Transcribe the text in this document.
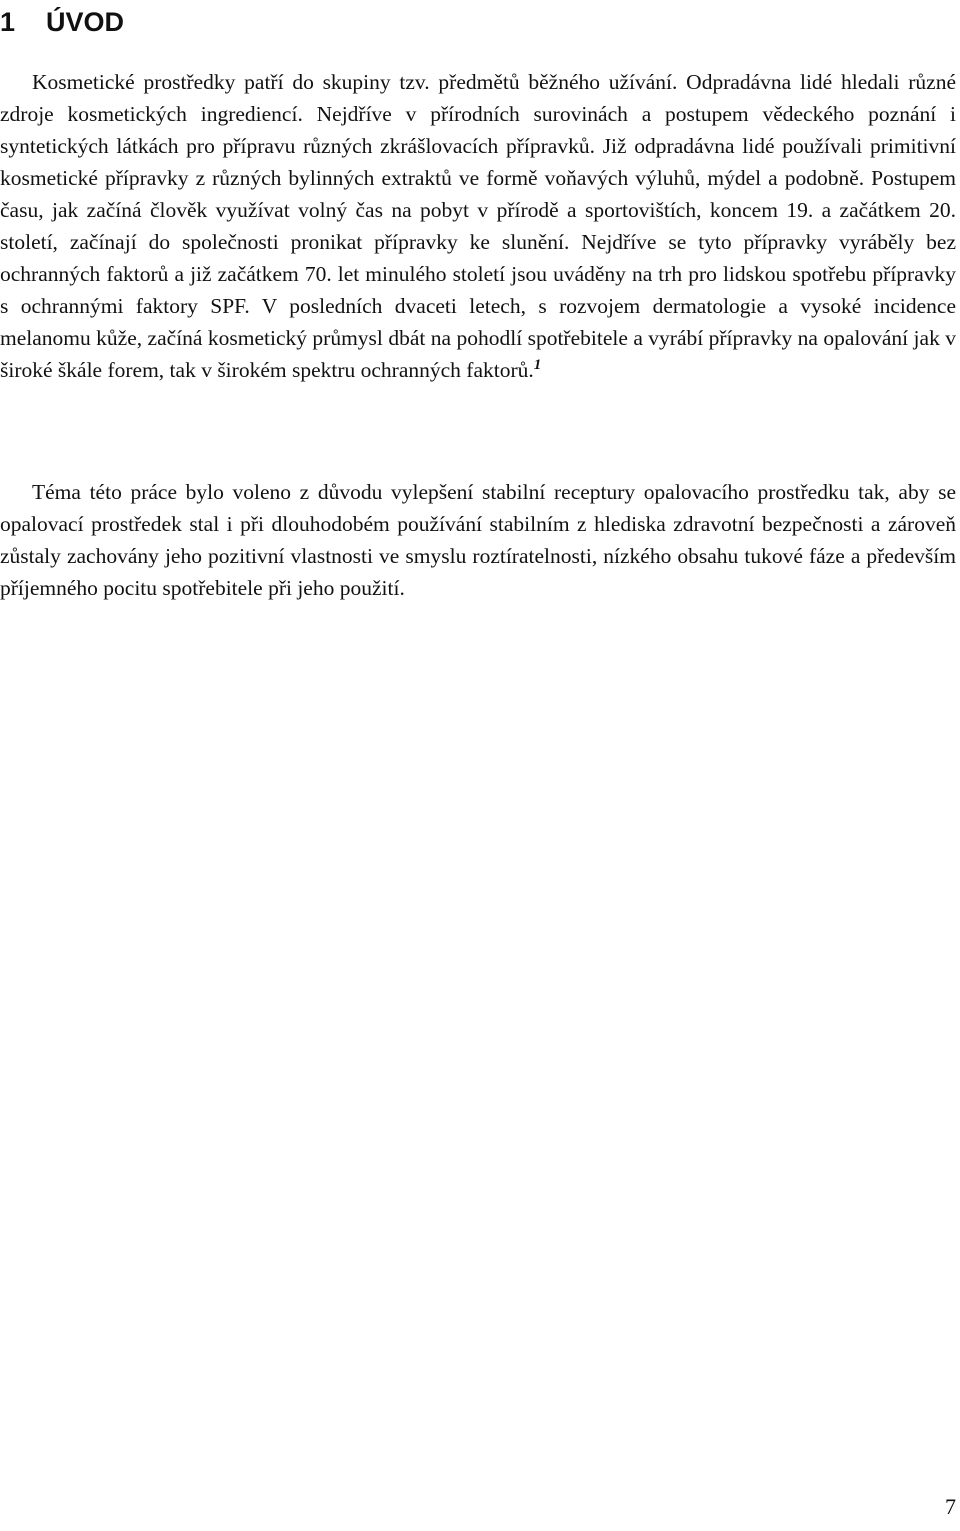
1 ÚVOD

Kosmetické prostředky patří do skupiny tzv. předmětů běžného užívání. Odpradávna lidé hledali různé zdroje kosmetických ingrediencí. Nejdříve v přírodních surovinách a postupem vědeckého poznání i syntetických látkách pro přípravu různých zkrášlovacích přípravků. Již odpradávna lidé používali primitivní kosmetické přípravky z různých bylinných extraktů ve formě voňavých výluhů, mýdel a podobně. Postupem času, jak začíná člověk využívat volný čas na pobyt v přírodě a sportovištích, koncem 19. a začátkem 20. století, začínají do společnosti pronikat přípravky ke slunění. Nejdříve se tyto přípravky vyráběly bez ochranných faktorů a již začátkem 70. let minulého století jsou uváděny na trh pro lidskou spotřebu přípravky s ochrannými faktory SPF. V posledních dvaceti letech, s rozvojem dermatologie a vysoké incidence melanomu kůže, začíná kosmetický průmysl dbát na pohodlí spotřebitele a vyrábí přípravky na opalování jak v široké škále forem, tak v širokém spektru ochranných faktorů.$^1$

Téma této práce bylo voleno z důvodu vylepšení stabilní receptury opalovacího prostředku tak, aby se opalovací prostředek stal i při dlouhodobém používání stabilním z hlediska zdravotní bezpečnosti a zároveň zůstaly zachovány jeho pozitivní vlastnosti ve smyslu roztíratelnosti, nízkého obsahu tukové fáze a především příjemného pocitu spotřebitele při jeho použití.

7
